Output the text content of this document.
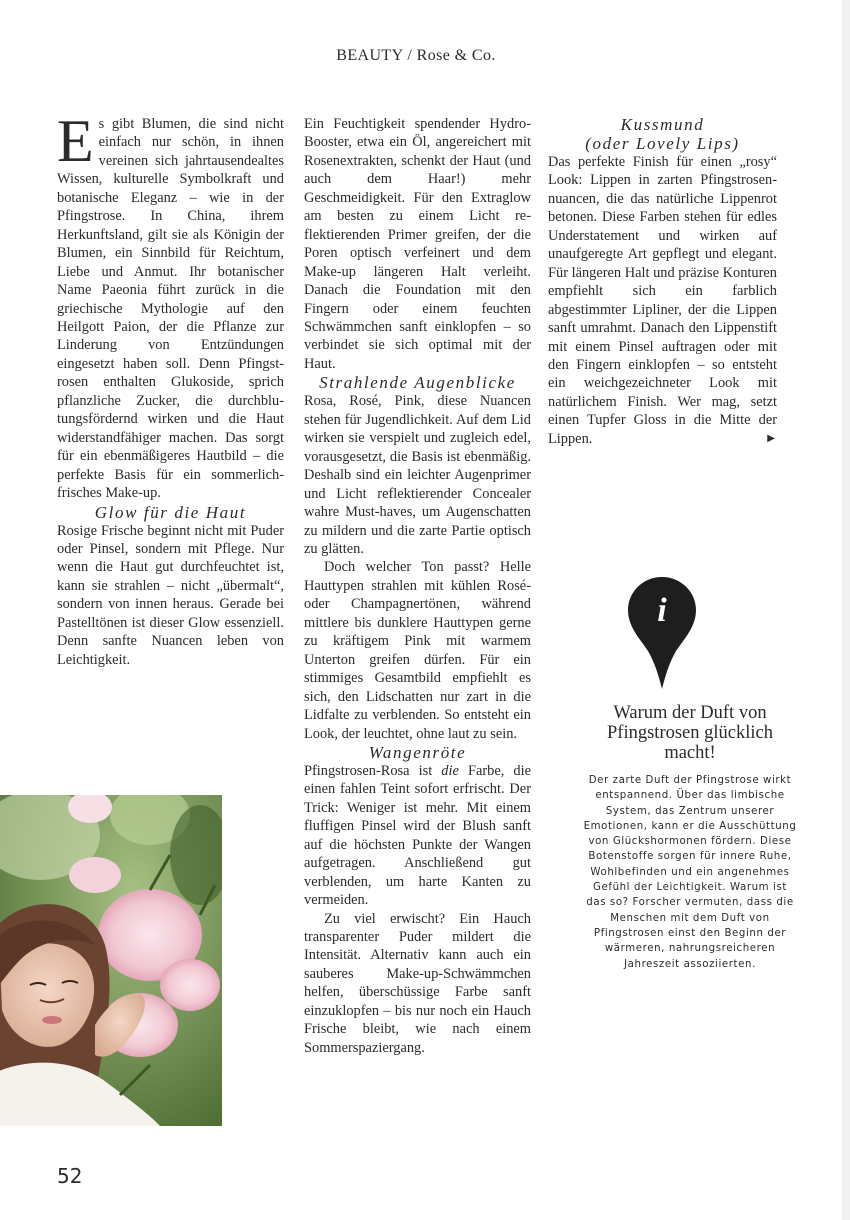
BEAUTY / Rose & Co.

Es gibt Blumen, die sind nicht einfach nur schön, in ihnen vereinen sich jahrtausendealtes Wissen, kulturelle Symbolkraft und botanische Eleganz – wie in der Pfingstrose. In China, ihrem Herkunftsland, gilt sie als Königin der Blumen, ein Sinnbild für Reichtum, Liebe und Anmut. Ihr botanischer Name Paeonia führt zurück in die griechische Mythologie auf den Heilgott Paion, der die Pflanze zur Linderung von Entzündungen eingesetzt haben soll. Denn Pfingstrosen enthalten Glukoside, sprich pflanzliche Zucker, die durchblutungsfördernd wirken und die Haut widerstandfähiger machen. Das sorgt für ein ebenmäßigeres Hautbild – die perfekte Basis für ein sommerlich-frisches Make-up.

Glow für die Haut

Rosige Frische beginnt nicht mit Puder oder Pinsel, sondern mit Pflege. Nur wenn die Haut gut durchfeuchtet ist, kann sie strahlen – nicht „übermalt“, sondern von innen heraus. Gerade bei Pastelltönen ist dieser Glow essenziell. Denn sanfte Nuancen leben von Leichtigkeit.

Ein Feuchtigkeit spendender Hydro-Booster, etwa ein Öl, angereichert mit Rosenextrakten, schenkt der Haut (und auch dem Haar!) mehr Geschmeidigkeit. Für den Extraglow am besten zu einem Licht reflektierenden Primer greifen, der die Poren optisch verfeinert und dem Make-up längeren Halt verleiht. Danach die Foundation mit den Fingern oder einem feuchten Schwämmchen sanft einklopfen – so verbindet sie sich optimal mit der Haut.

Strahlende Augenblicke

Rosa, Rosé, Pink, diese Nuancen stehen für Jugendlichkeit. Auf dem Lid wirken sie verspielt und zugleich edel, vorausgesetzt, die Basis ist ebenmäßig. Deshalb sind ein leichter Augenprimer und Licht reflektierender Concealer wahre Must-haves, um Augenschatten zu mildern und die zarte Partie optisch zu glätten.

Doch welcher Ton passt? Helle Hauttypen strahlen mit kühlen Rosé- oder Champagnertönen, während mittlere bis dunklere Hauttypen gerne zu kräftigem Pink mit warmem Unterton greifen dürfen. Für ein stimmiges Gesamtbild empfiehlt es sich, den Lidschatten nur zart in die Lidfalte zu verblenden. So entsteht ein Look, der leuchtet, ohne laut zu sein.

Wangenröte

Pfingstrosen-Rosa ist die Farbe, die einen fahlen Teint sofort erfrischt. Der Trick: Weniger ist mehr. Mit einem fluffigen Pinsel wird der Blush sanft auf die höchsten Punkte der Wangen aufgetragen. Anschließend gut verblenden, um harte Kanten zu vermeiden.

Zu viel erwischt? Ein Hauch transparenter Puder mildert die Intensität. Alternativ kann auch ein sauberes Make-up-Schwämmchen helfen, überschüssige Farbe sanft einzuklopfen – bis nur noch ein Hauch Frische bleibt, wie nach einem Sommerspaziergang.

Kussmund
(oder Lovely Lips)

Das perfekte Finish für einen „rosy“ Look: Lippen in zarten Pfingstrosennuancen, die das natürliche Lippenrot betonen. Diese Farben stehen für edles Understatement und wirken auf unaufgeregte Art gepflegt und elegant. Für längeren Halt und präzise Konturen empfiehlt sich ein farblich abgestimmter Lipliner, der die Lippen sanft umrahmt. Danach den Lippenstift mit einem Pinsel auftragen oder mit den Fingern einklopfen – so entsteht ein weichgezeichneter Look mit natürlichem Finish. Wer mag, setzt einen Tupfer Gloss in die Mitte der Lippen.	▶

i

Warum der Duft von Pfingstrosen glücklich macht!

Der zarte Duft der Pfingstrose wirkt entspannend. Über das limbische System, das Zentrum unserer Emotionen, kann er die Ausschüttung von Glückshormonen fördern. Diese Botenstoffe sorgen für innere Ruhe, Wohlbefinden und ein angenehmes Gefühl der Leichtigkeit. Warum ist das so? Forscher vermuten, dass die Menschen mit dem Duft von Pfingstrosen einst den Beginn der wärmeren, nahrungsreicheren Jahreszeit assoziierten.
52
